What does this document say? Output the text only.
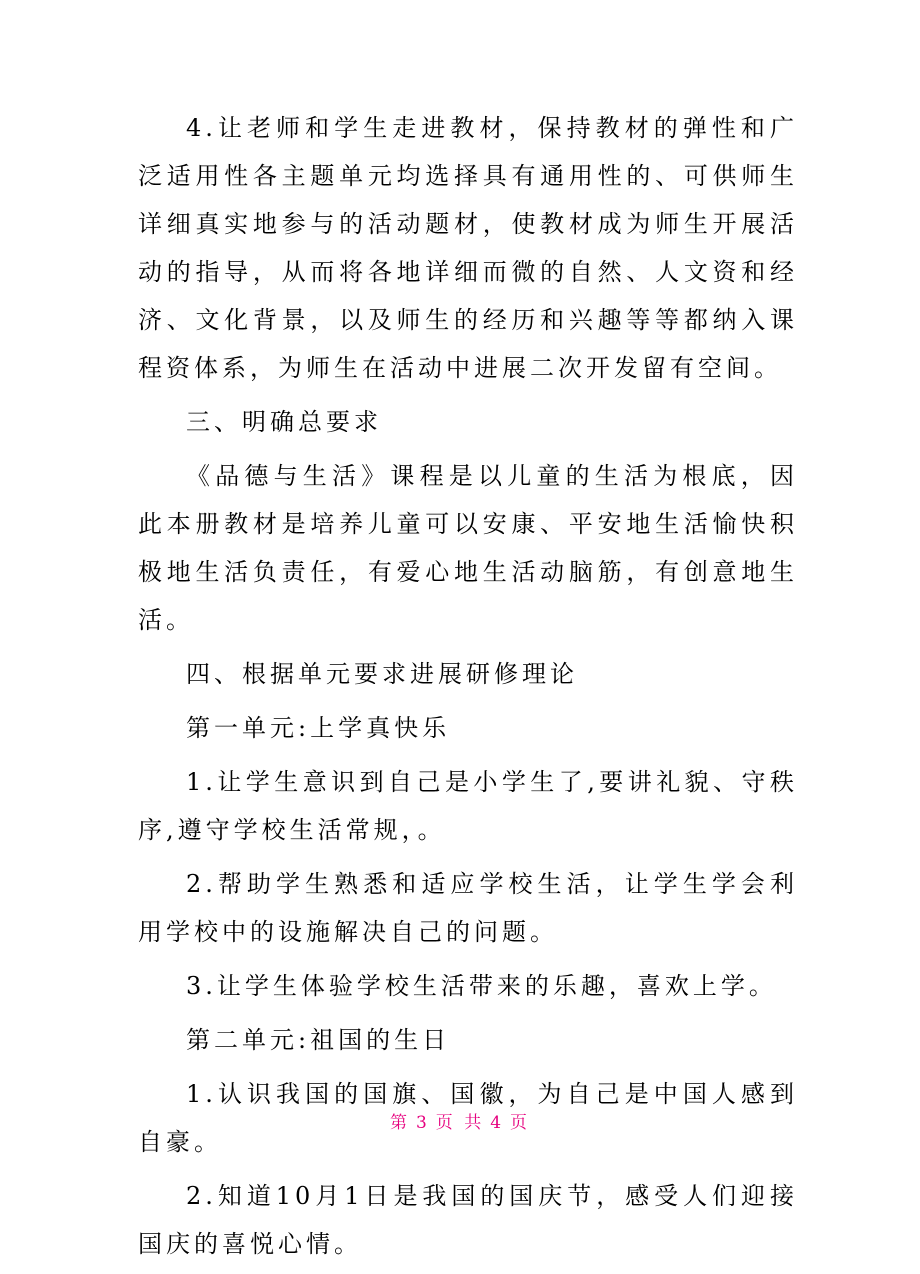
4.让老师和学生走进教材，保持教材的弹性和广泛适用性各主题单元均选择具有通用性的、可供师生详细真实地参与的活动题材，使教材成为师生开展活动的指导，从而将各地详细而微的自然、人文资和经济、文化背景，以及师生的经历和兴趣等等都纳入课程资体系，为师生在活动中进展二次开发留有空间。

三、明确总要求

《品德与生活》课程是以儿童的生活为根底，因此本册教材是培养儿童可以安康、平安地生活愉快积极地生活负责任，有爱心地生活动脑筋，有创意地生活。

四、根据单元要求进展研修理论

第一单元:上学真快乐

1.让学生意识到自己是小学生了,要讲礼貌、守秩序,遵守学校生活常规，。

2.帮助学生熟悉和适应学校生活，让学生学会利用学校中的设施解决自己的问题。

3.让学生体验学校生活带来的乐趣，喜欢上学。

第二单元:祖国的生日

1.认识我国的国旗、国徽，为自己是中国人感到自豪。

2.知道10月1日是我国的国庆节，感受人们迎接国庆的喜悦心情。

第 3 页 共 4 页
